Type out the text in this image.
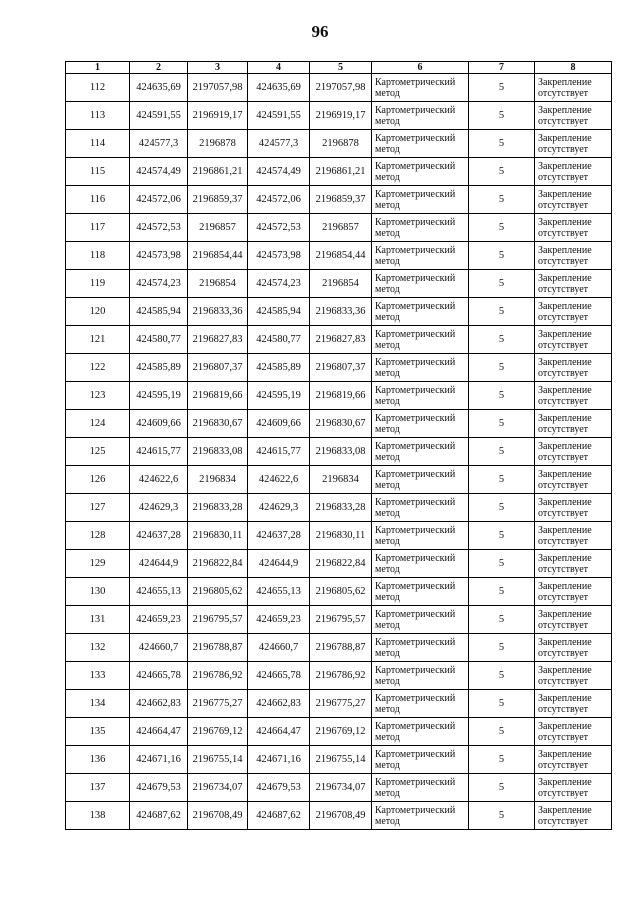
96
1	2	3	4	5	6	7	8
112	424635,69	2197057,98	424635,69	2197057,98	Картометрический метод	5	Закрепление отсутствует
113	424591,55	2196919,17	424591,55	2196919,17	Картометрический метод	5	Закрепление отсутствует
114	424577,3	2196878	424577,3	2196878	Картометрический метод	5	Закрепление отсутствует
115	424574,49	2196861,21	424574,49	2196861,21	Картометрический метод	5	Закрепление отсутствует
116	424572,06	2196859,37	424572,06	2196859,37	Картометрический метод	5	Закрепление отсутствует
117	424572,53	2196857	424572,53	2196857	Картометрический метод	5	Закрепление отсутствует
118	424573,98	2196854,44	424573,98	2196854,44	Картометрический метод	5	Закрепление отсутствует
119	424574,23	2196854	424574,23	2196854	Картометрический метод	5	Закрепление отсутствует
120	424585,94	2196833,36	424585,94	2196833,36	Картометрический метод	5	Закрепление отсутствует
121	424580,77	2196827,83	424580,77	2196827,83	Картометрический метод	5	Закрепление отсутствует
122	424585,89	2196807,37	424585,89	2196807,37	Картометрический метод	5	Закрепление отсутствует
123	424595,19	2196819,66	424595,19	2196819,66	Картометрический метод	5	Закрепление отсутствует
124	424609,66	2196830,67	424609,66	2196830,67	Картометрический метод	5	Закрепление отсутствует
125	424615,77	2196833,08	424615,77	2196833,08	Картометрический метод	5	Закрепление отсутствует
126	424622,6	2196834	424622,6	2196834	Картометрический метод	5	Закрепление отсутствует
127	424629,3	2196833,28	424629,3	2196833,28	Картометрический метод	5	Закрепление отсутствует
128	424637,28	2196830,11	424637,28	2196830,11	Картометрический метод	5	Закрепление отсутствует
129	424644,9	2196822,84	424644,9	2196822,84	Картометрический метод	5	Закрепление отсутствует
130	424655,13	2196805,62	424655,13	2196805,62	Картометрический метод	5	Закрепление отсутствует
131	424659,23	2196795,57	424659,23	2196795,57	Картометрический метод	5	Закрепление отсутствует
132	424660,7	2196788,87	424660,7	2196788,87	Картометрический метод	5	Закрепление отсутствует
133	424665,78	2196786,92	424665,78	2196786,92	Картометрический метод	5	Закрепление отсутствует
134	424662,83	2196775,27	424662,83	2196775,27	Картометрический метод	5	Закрепление отсутствует
135	424664,47	2196769,12	424664,47	2196769,12	Картометрический метод	5	Закрепление отсутствует
136	424671,16	2196755,14	424671,16	2196755,14	Картометрический метод	5	Закрепление отсутствует
137	424679,53	2196734,07	424679,53	2196734,07	Картометрический метод	5	Закрепление отсутствует
138	424687,62	2196708,49	424687,62	2196708,49	Картометрический метод	5	Закрепление отсутствует
